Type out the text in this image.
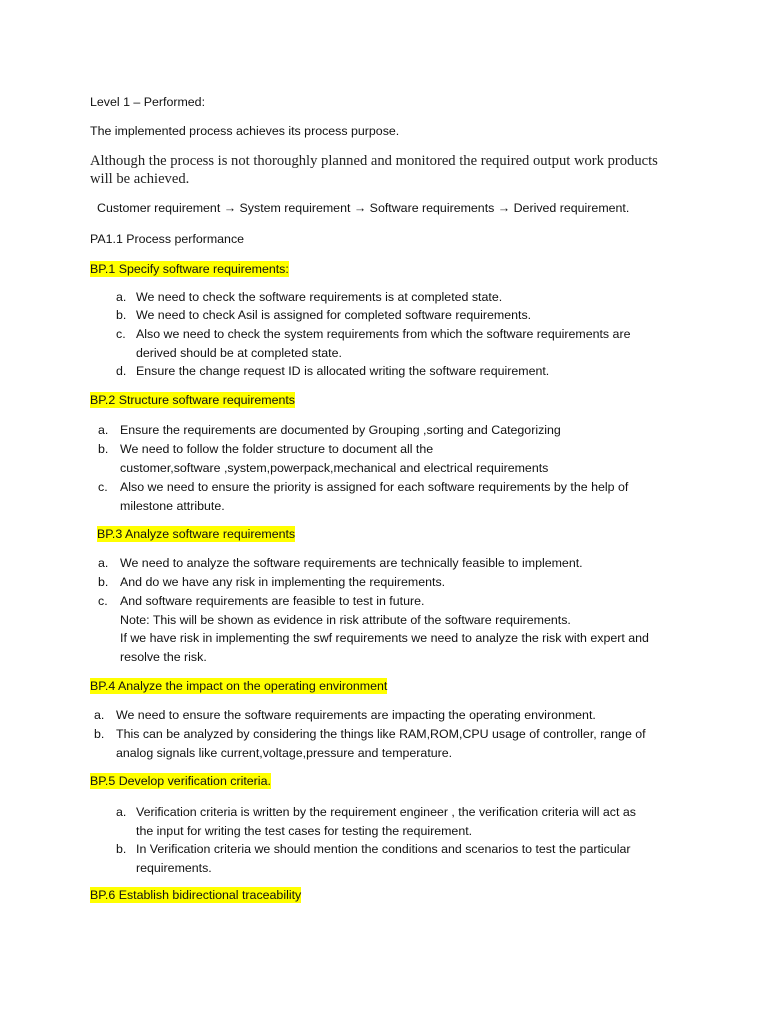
Level 1 – Performed:
The implemented process achieves its process purpose.
Although the process is not thoroughly planned and monitored the required output work products
will be achieved.
Customer requirement → System requirement → Software requirements → Derived requirement.
PA1.1 Process performance
BP.1 Specify software requirements:
a. We need to check the software requirements is at completed state.
b. We need to check Asil is assigned for completed software requirements.
c. Also we need to check the system requirements from which the software requirements are
derived should be at completed state.
d. Ensure the change request ID is allocated writing the software requirement.
BP.2 Structure software requirements
a. Ensure the requirements are documented by Grouping ,sorting and Categorizing
b. We need to follow the folder structure to document all the
customer,software ,system,powerpack,mechanical and electrical requirements
c. Also we need to ensure the priority is assigned for each software requirements by the help of
milestone attribute.
BP.3 Analyze software requirements
a. We need to analyze the software requirements are technically feasible to implement.
b. And do we have any risk in implementing the requirements.
c. And software requirements are feasible to test in future.
Note: This will be shown as evidence in risk attribute of the software requirements.
If we have risk in implementing the swf requirements we need to analyze the risk with expert and
resolve the risk.
BP.4 Analyze the impact on the operating environment
a. We need to ensure the software requirements are impacting the operating environment.
b. This can be analyzed by considering the things like RAM,ROM,CPU usage of controller, range of
analog signals like current,voltage,pressure and temperature.
BP.5 Develop verification criteria.
a. Verification criteria is written by the requirement engineer , the verification criteria will act as
the input for writing the test cases for testing the requirement.
b. In Verification criteria we should mention the conditions and scenarios to test the particular
requirements.
BP.6 Establish bidirectional traceability
